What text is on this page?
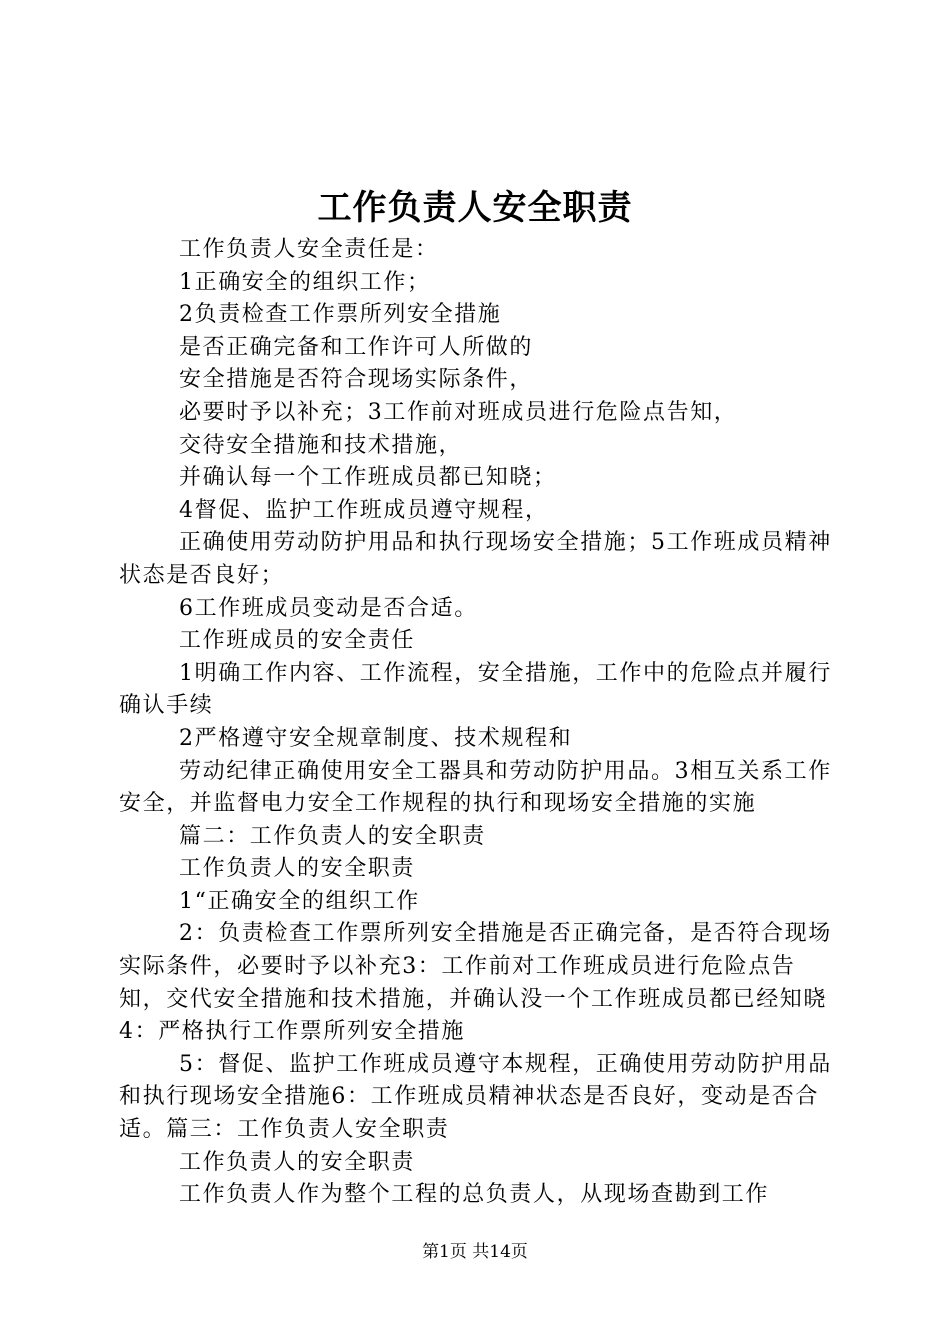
工作负责人安全职责

工作负责人安全责任是：

1正确安全的组织工作；

2负责检查工作票所列安全措施

是否正确完备和工作许可人所做的

安全措施是否符合现场实际条件，

必要时予以补充；3工作前对班成员进行危险点告知，

交待安全措施和技术措施，

并确认每一个工作班成员都已知晓；

4督促、监护工作班成员遵守规程，

正确使用劳动防护用品和执行现场安全措施；5工作班成员精神状态是否良好；

6工作班成员变动是否合适。

工作班成员的安全责任

1明确工作内容、工作流程，安全措施，工作中的危险点并履行确认手续

2严格遵守安全规章制度、技术规程和

劳动纪律正确使用安全工器具和劳动防护用品。3相互关系工作安全，并监督电力安全工作规程的执行和现场安全措施的实施

篇二：工作负责人的安全职责

工作负责人的安全职责

1“正确安全的组织工作

2：负责检查工作票所列安全措施是否正确完备，是否符合现场实际条件，必要时予以补充3：工作前对工作班成员进行危险点告知，交代安全措施和技术措施，并确认没一个工作班成员都已经知晓4：严格执行工作票所列安全措施

5：督促、监护工作班成员遵守本规程，正确使用劳动防护用品和执行现场安全措施6：工作班成员精神状态是否良好，变动是否合适。篇三：工作负责人安全职责

工作负责人的安全职责

工作负责人作为整个工程的总负责人，从现场查勘到工作

第1页 共14页
